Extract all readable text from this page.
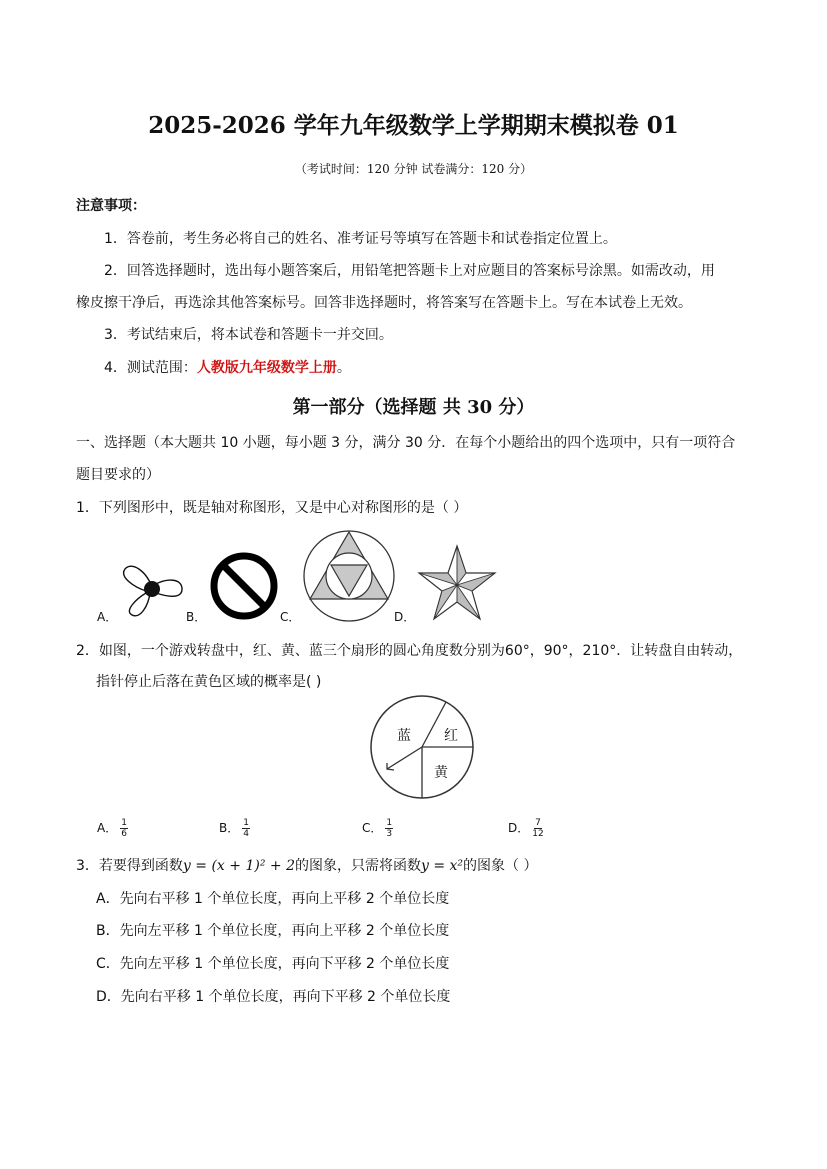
2025-2026 学年九年级数学上学期期末模拟卷 01
（考试时间：120 分钟 试卷满分：120 分）
注意事项：
1．答卷前，考生务必将自己的姓名、准考证号等填写在答题卡和试卷指定位置上。
2．回答选择题时，选出每小题答案后，用铅笔把答题卡上对应题目的答案标号涂黑。如需改动，用
橡皮擦干净后，再选涂其他答案标号。回答非选择题时，将答案写在答题卡上。写在本试卷上无效。
3．考试结束后，将本试卷和答题卡一并交回。
4．测试范围：人教版九年级数学上册。
第一部分（选择题 共 30 分）
一、选择题（本大题共 10 小题，每小题 3 分，满分 30 分．在每个小题给出的四个选项中，只有一项符合
题目要求的）
1．下列图形中，既是轴对称图形，又是中心对称图形的是（ ）
A．	B．	C．	D．
2．如图，一个游戏转盘中，红、黄、蓝三个扇形的圆心角度数分别为60°，90°，210°．让转盘自由转动，
指针停止后落在黄色区域的概率是( )
蓝 红
黄
A． $\frac{1}{6}$	B． $\frac{1}{4}$	C． $\frac{1}{3}$	D． $\frac{7}{12}$
3．若要得到函数y = (x + 1)² + 2的图象，只需将函数y = x²的图象（ ）
A．先向右平移 1 个单位长度，再向上平移 2 个单位长度
B．先向左平移 1 个单位长度，再向上平移 2 个单位长度
C．先向左平移 1 个单位长度，再向下平移 2 个单位长度
D．先向右平移 1 个单位长度，再向下平移 2 个单位长度
